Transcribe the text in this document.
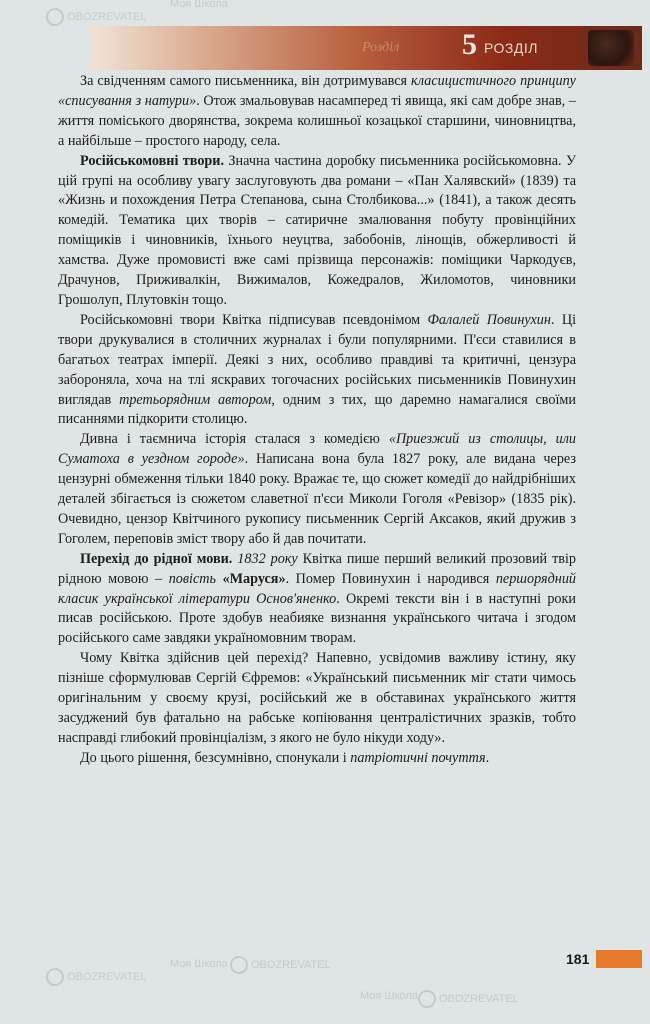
Розділ 5 РОЗДІЛ

За свідченням самого письменника, він дотримувався класицистичного принципу «списування з натури». Отож змальовував насамперед ті явища, які сам добре знав, – життя поміського дворянства, зокрема колишньої козацької старшини, чиновництва, а найбільше – простого народу, села.

Російськомовні твори. Значна частина доробку письменника російськомовна. У цій групі на особливу увагу заслуговують два романи – «Пан Халявский» (1839) та «Жизнь и похождения Петра Степанова, сына Столбикова...» (1841), а також десять комедій. Тематика цих творів – сатиричне змалювання побуту провінційних поміщиків і чиновників, їхнього неуцтва, забобонів, лінощів, обжерливості й хамства. Дуже промовисті вже самі прізвища персонажів: поміщики Чаркодуєв, Драчунов, Приживалкін, Вижималов, Кожедралов, Жиломотов, чиновники Грошолуп, Плутовкін тощо.

Російськомовні твори Квітка підписував псевдонімом Фалалей Повинухин. Ці твори друкувалися в столичних журналах і були популярними. П'єси ставилися в багатьох театрах імперії. Деякі з них, особливо правдиві та критичні, цензура забороняла, хоча на тлі яскравих тогочасних російських письменників Повинухин виглядав третьорядним автором, одним з тих, що даремно намагалися своїми писаннями підкорити столицю.

Дивна і таємнича історія сталася з комедією «Приезжий из столицы, или Суматоха в уездном городе». Написана вона була 1827 року, але видана через цензурні обмеження тільки 1840 року. Вражає те, що сюжет комедії до найдрібніших деталей збігається із сюжетом славетної п'єси Миколи Гоголя «Ревізор» (1835 рік). Очевидно, цензор Квітчиного рукопису письменник Сергій Аксаков, який дружив з Гоголем, переповів зміст твору або й дав почитати.

Перехід до рідної мови. 1832 року Квітка пише перший великий прозовий твір рідною мовою – повість «Маруся». Помер Повинухин і народився першорядний класик української літератури Основ'яненко. Окремі тексти він і в наступні роки писав російською. Проте здобув неабияке визнання українського читача і згодом російського саме завдяки україномовним творам.

Чому Квітка здійснив цей перехід? Напевно, усвідомив важливу істину, яку пізніше сформулював Сергій Єфремов: «Український письменник міг стати чимось оригінальним у своєму крузі, російський же в обставинах українського життя засуджений був фатально на рабське копіювання централістичних зразків, тобто насправді глибокий провінціалізм, з якого не було нікуди ходу».

До цього рішення, безсумнівно, спонукали і патріотичні почуття.

181
OBOZREVATEL
Моя Школа
Моя Школа	OBOZREVATEL
OBOZREVATEL
Моя Школа	OBOZREVATEL
